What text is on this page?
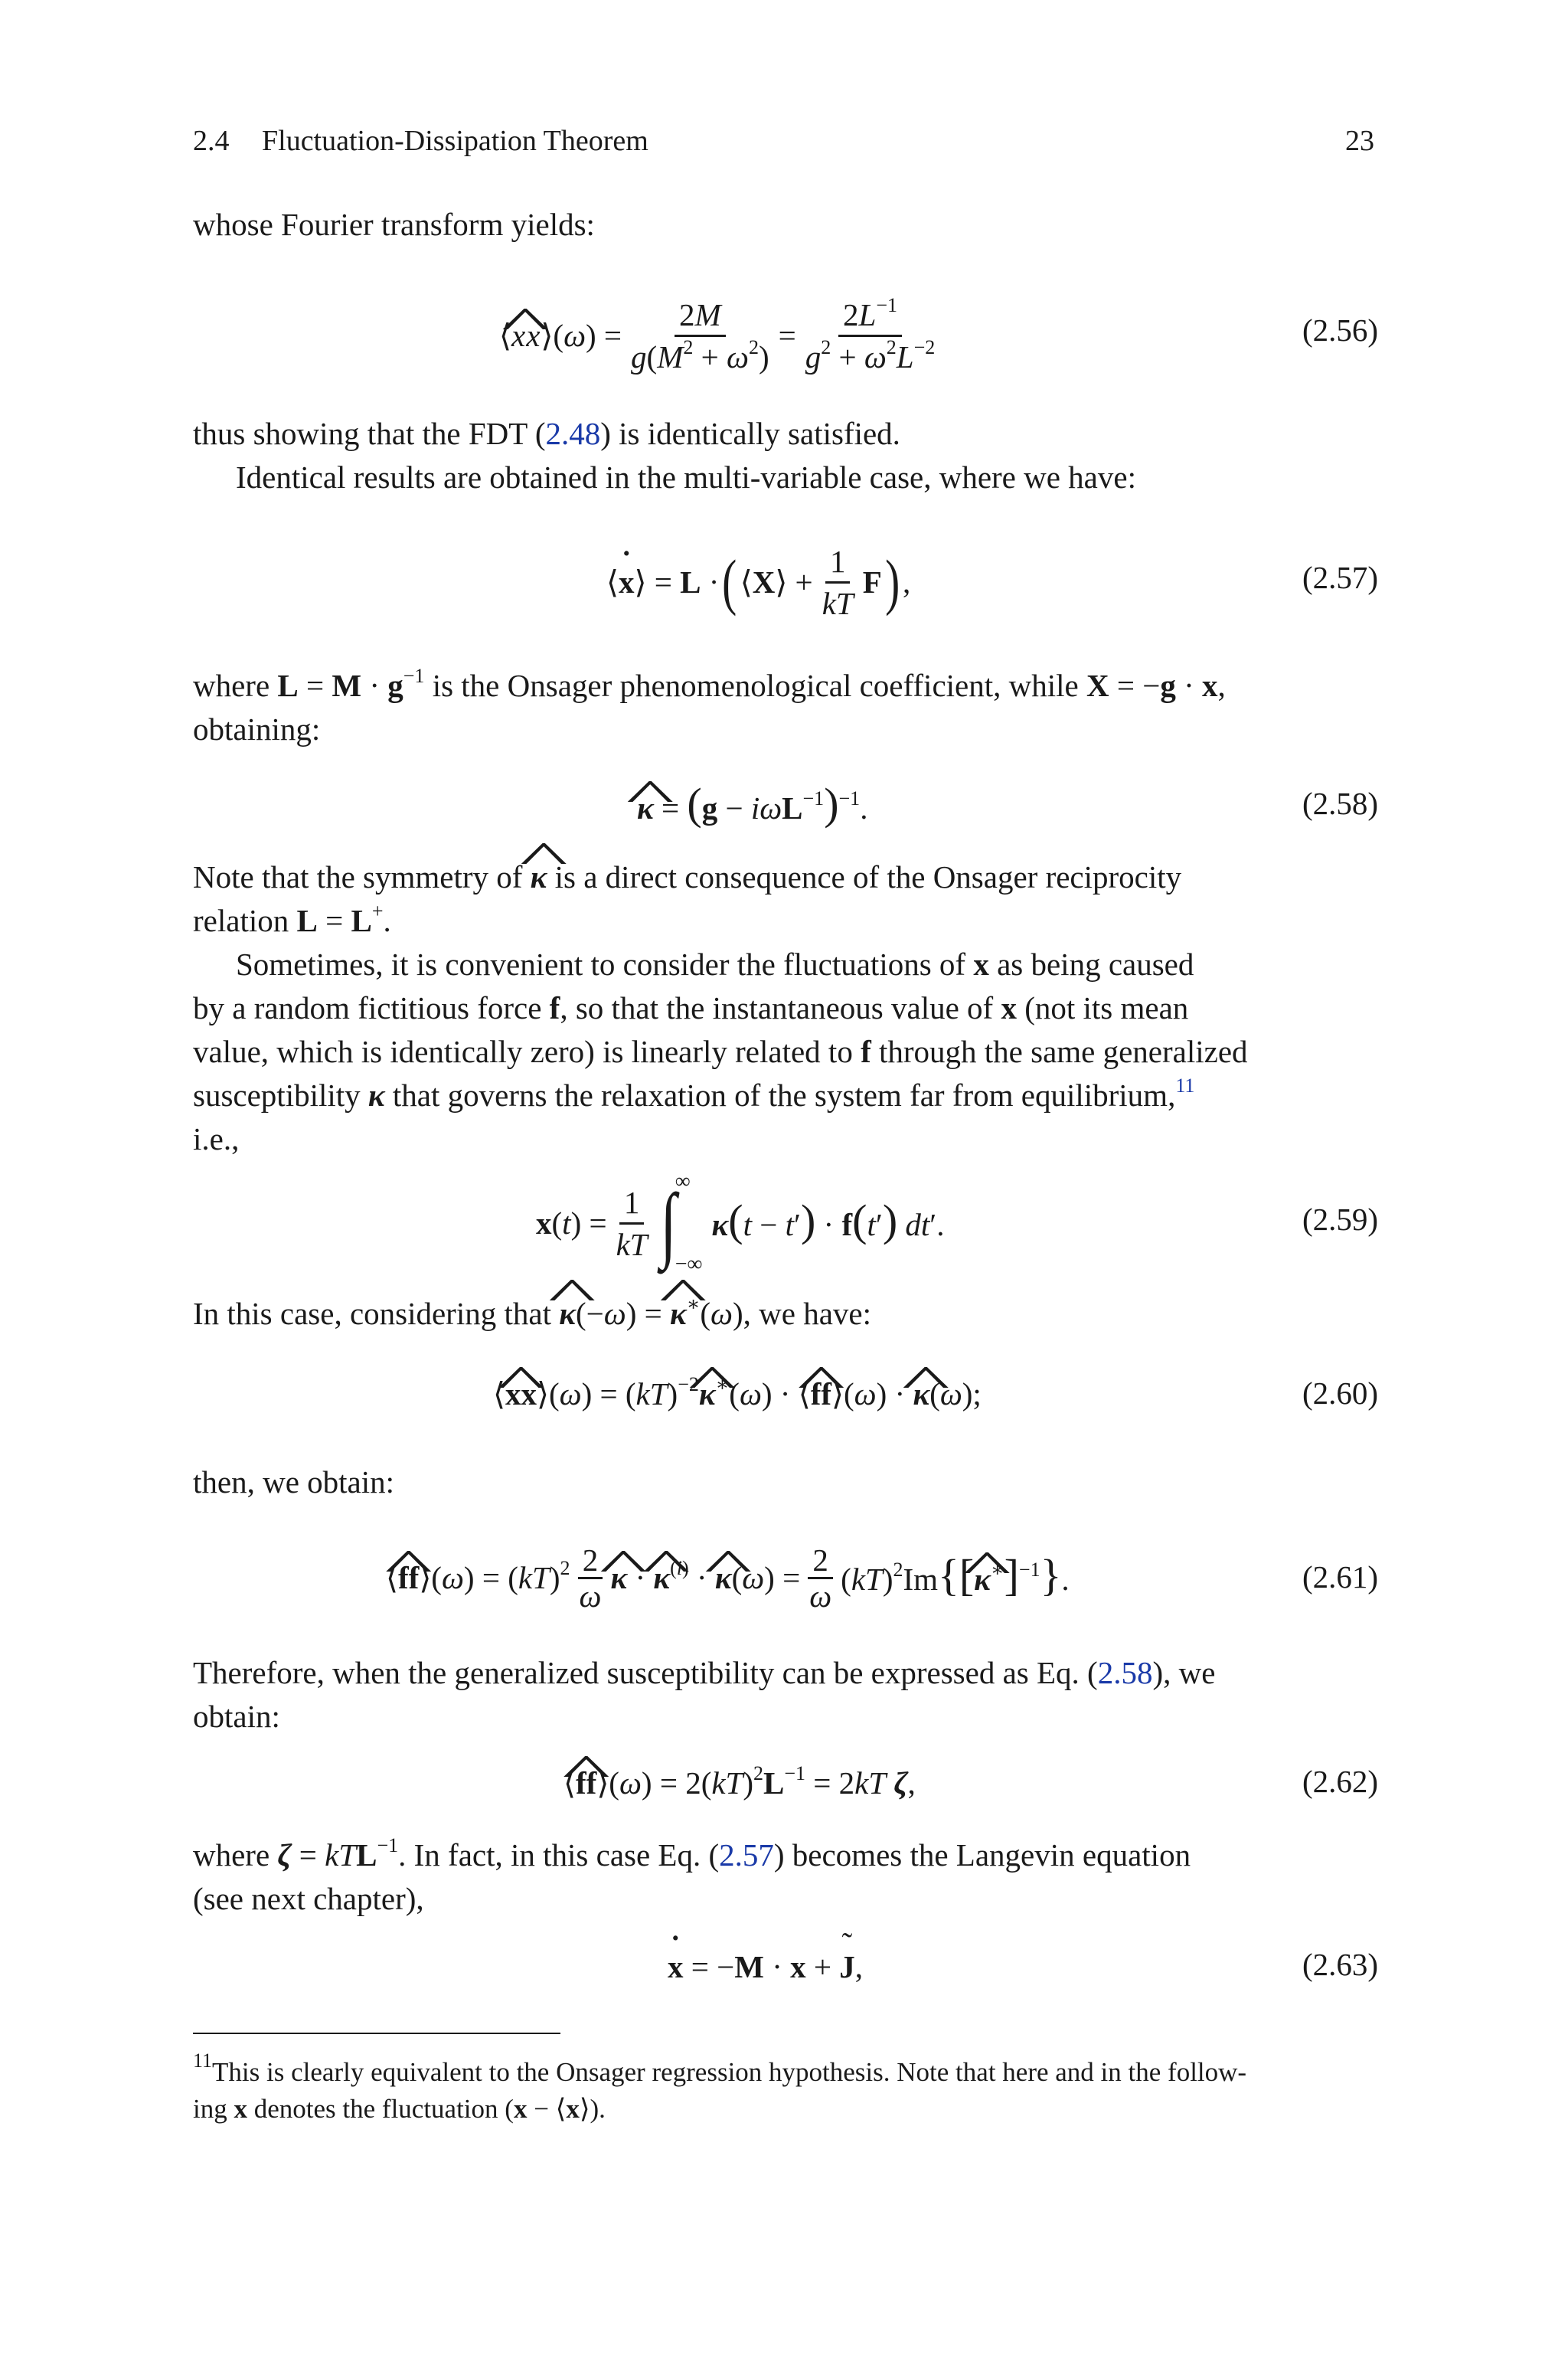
2.4 Fluctuation-Dissipation Theorem	23
whose Fourier transform yields:
⟨^ xx⟩(ω) = $\frac{2M}{g(M^2 + \omega^2)} = \frac{2L^{-1}}{g^2 + \omega^2L^{-2}}$	(2.56)
thus showing that the FDT (2.48) is identically satisfied.
Identical results are obtained in the multi-variable case, where we have:
⟨˙ x⟩ = L · ( ⟨X⟩ + $\frac{1}{kT}$ F ) ,	(2.57)
where $L = M \cdot g^{-1}$ is the Onsager phenomenological coefficient, while X = −g · x,
obtaining:
^ $\kappa = (g - i\omega L^{-1})^{-1}$.	(2.58)
Note that the symmetry of ^ κ is a direct consequence of the Onsager reciprocity
relation L = L+.
Sometimes, it is convenient to consider the fluctuations of x as being caused
by a random fictitious force f, so that the instantaneous value of x (not its mean
value, which is identically zero) is linearly related to f through the same generalized
susceptibility κ that governs the relaxation of the system far from equilibrium,$^{11}$
i.e.,
$x(t) = \frac{1}{kT}$ ∫
∞
−∞
κ(t − t′) · f(t′) dt′.	(2.59)
In this case, considering that ^ κ(−ω) = ^ κ∗(ω), we have:
⟨^ xx⟩(ω) = (kT)$^{-2}$^ κ∗(ω) · ⟨^ ff⟩(ω) · ^ κ(ω);	(2.60)
then, we obtain:
⟨^ ff⟩(ω) = $(kT)^2 \frac{2}{\omega}$ ^ κ · ^ $\kappa^{(i)}$ · ^ $\kappa(\omega) = \frac{2}{\omega}$ (kT)$^2$Im{[^ κ∗]$^{-1}$}.	(2.61)
Therefore, when the generalized susceptibility can be expressed as Eq. (2.58), we
obtain:
⟨^ ff⟩(ω) = $2(kT)^2L^{-1} = 2kT$ ζ,	(2.62)
where ζ = kTL$^{-1}$. In fact, in this case Eq. (2.57) becomes the Langevin equation
(see next chapter),
˙ x = −M · x + ˜ J,	(2.63)
$^{11}$This is clearly equivalent to the Onsager regression hypothesis. Note that here and in the follow-
ing x denotes the fluctuation (x − ⟨x⟩).
